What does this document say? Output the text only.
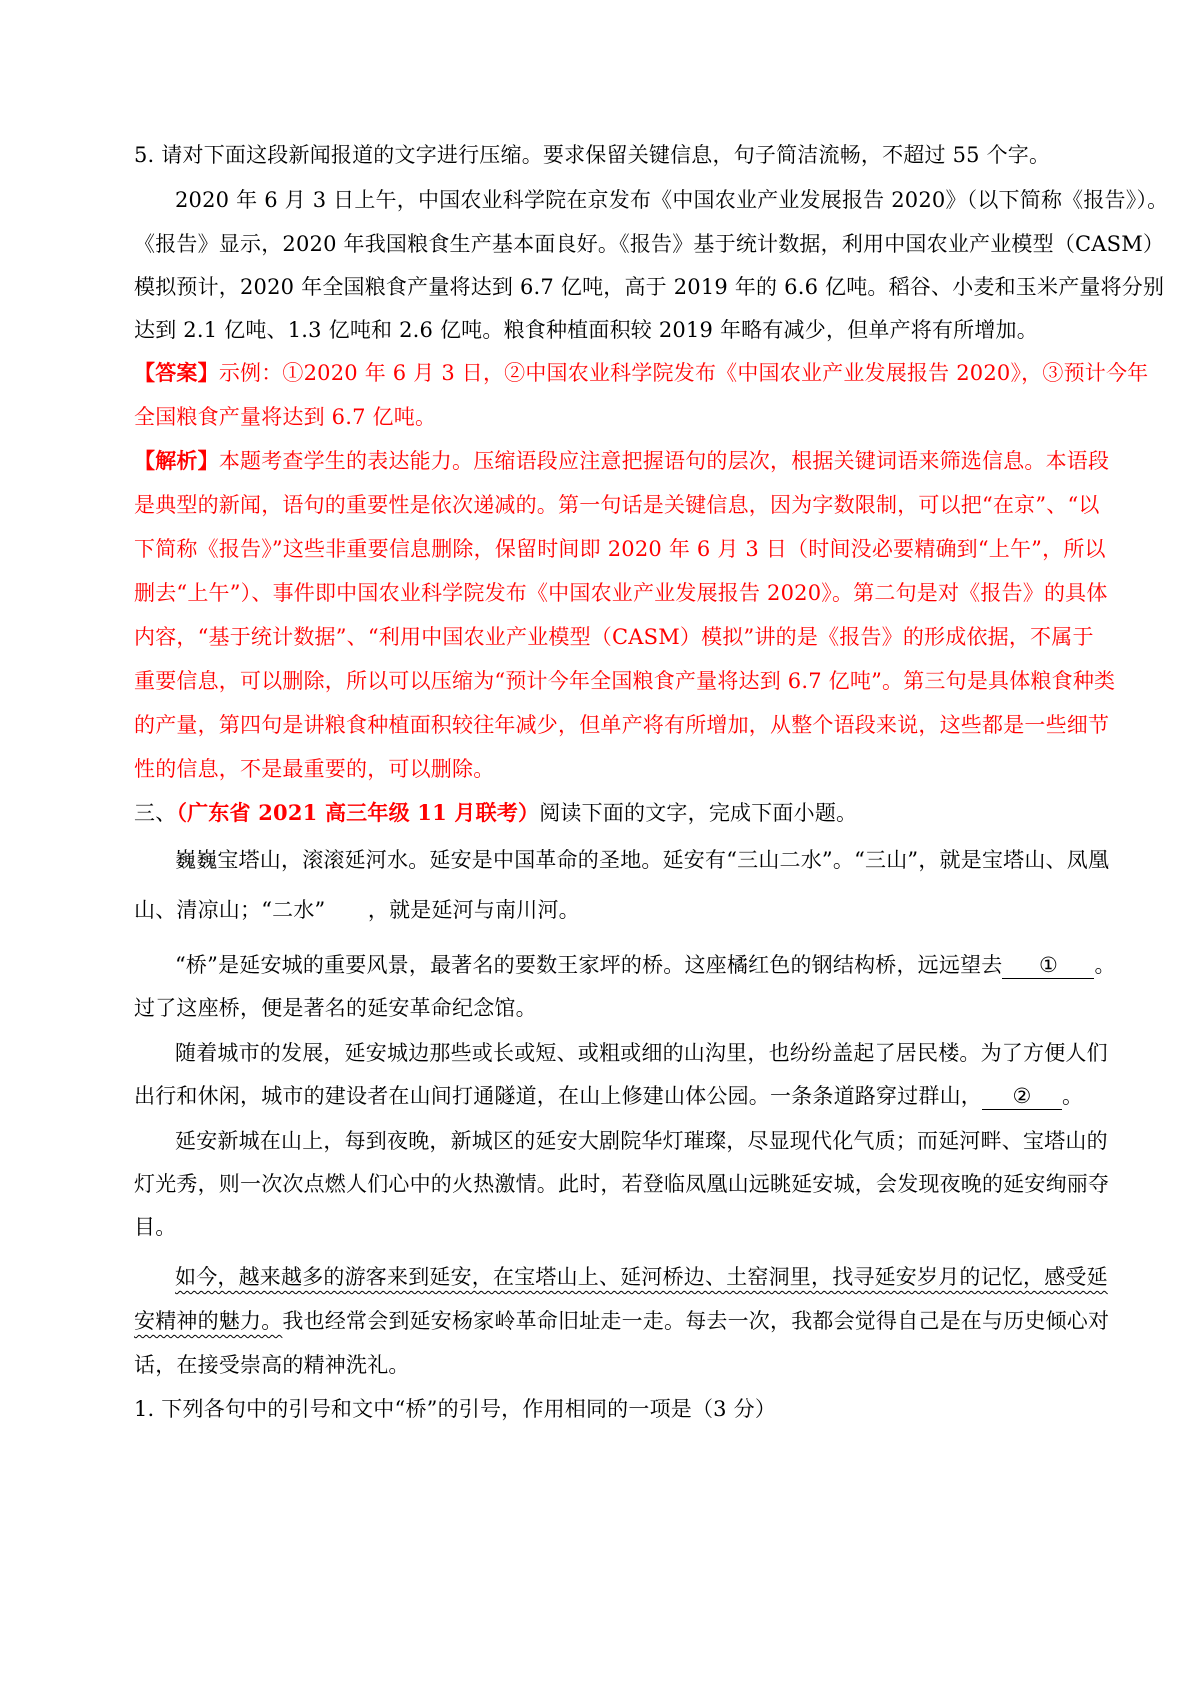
5. 请对下面这段新闻报道的文字进行压缩。要求保留关键信息，句子简洁流畅，不超过 55 个字。
2020 年 6 月 3 日上午，中国农业科学院在京发布《中国农业产业发展报告 2020》（以下简称《报告》）。
《报告》显示，2020 年我国粮食生产基本面良好。《报告》基于统计数据，利用中国农业产业模型（CASM）
模拟预计，2020 年全国粮食产量将达到 6.7 亿吨，高于 2019 年的 6.6 亿吨。稻谷、小麦和玉米产量将分别
达到 2.1 亿吨、1.3 亿吨和 2.6 亿吨。粮食种植面积较 2019 年略有减少，但单产将有所增加。
【答案】示例：①2020 年 6 月 3 日，②中国农业科学院发布《中国农业产业发展报告 2020》，③预计今年
全国粮食产量将达到 6.7 亿吨。
【解析】本题考查学生的表达能力。压缩语段应注意把握语句的层次，根据关键词语来筛选信息。本语段
是典型的新闻，语句的重要性是依次递减的。第一句话是关键信息，因为字数限制，可以把“在京”、“以
下简称《报告》”这些非重要信息删除，保留时间即 2020 年 6 月 3 日（时间没必要精确到“上午”，所以
删去“上午”）、事件即中国农业科学院发布《中国农业产业发展报告 2020》。第二句是对《报告》的具体
内容，“基于统计数据”、“利用中国农业产业模型（CASM）模拟”讲的是《报告》的形成依据，不属于
重要信息，可以删除，所以可以压缩为“预计今年全国粮食产量将达到 6.7 亿吨”。第三句是具体粮食种类
的产量，第四句是讲粮食种植面积较往年减少，但单产将有所增加，从整个语段来说，这些都是一些细节
性的信息，不是最重要的，可以删除。
三、（广东省 2021 高三年级 11 月联考）阅读下面的文字，完成下面小题。
巍巍宝塔山，滚滚延河水。延安是中国革命的圣地。延安有“三山二水”。“三山”，就是宝塔山、凤凰
山、清凉山；“二水”　　，就是延河与南川河。
“桥”是延安城的重要风景，最著名的要数王家坪的桥。这座橘红色的钢结构桥，远远望去 ① 。
过了这座桥，便是著名的延安革命纪念馆。
随着城市的发展，延安城边那些或长或短、或粗或细的山沟里，也纷纷盖起了居民楼。为了方便人们
出行和休闲，城市的建设者在山间打通隧道，在山上修建山体公园。一条条道路穿过群山， ② 。
延安新城在山上，每到夜晚，新城区的延安大剧院华灯璀璨，尽显现代化气质；而延河畔、宝塔山的
灯光秀，则一次次点燃人们心中的火热激情。此时，若登临凤凰山远眺延安城，会发现夜晚的延安绚丽夺
目。
如今，越来越多的游客来到延安，在宝塔山上、延河桥边、土窑洞里，找寻延安岁月的记忆，感受延
安精神的魅力。我也经常会到延安杨家岭革命旧址走一走。每去一次，我都会觉得自己是在与历史倾心对
话，在接受崇高的精神洗礼。
1. 下列各句中的引号和文中“桥”的引号，作用相同的一项是（3 分）
